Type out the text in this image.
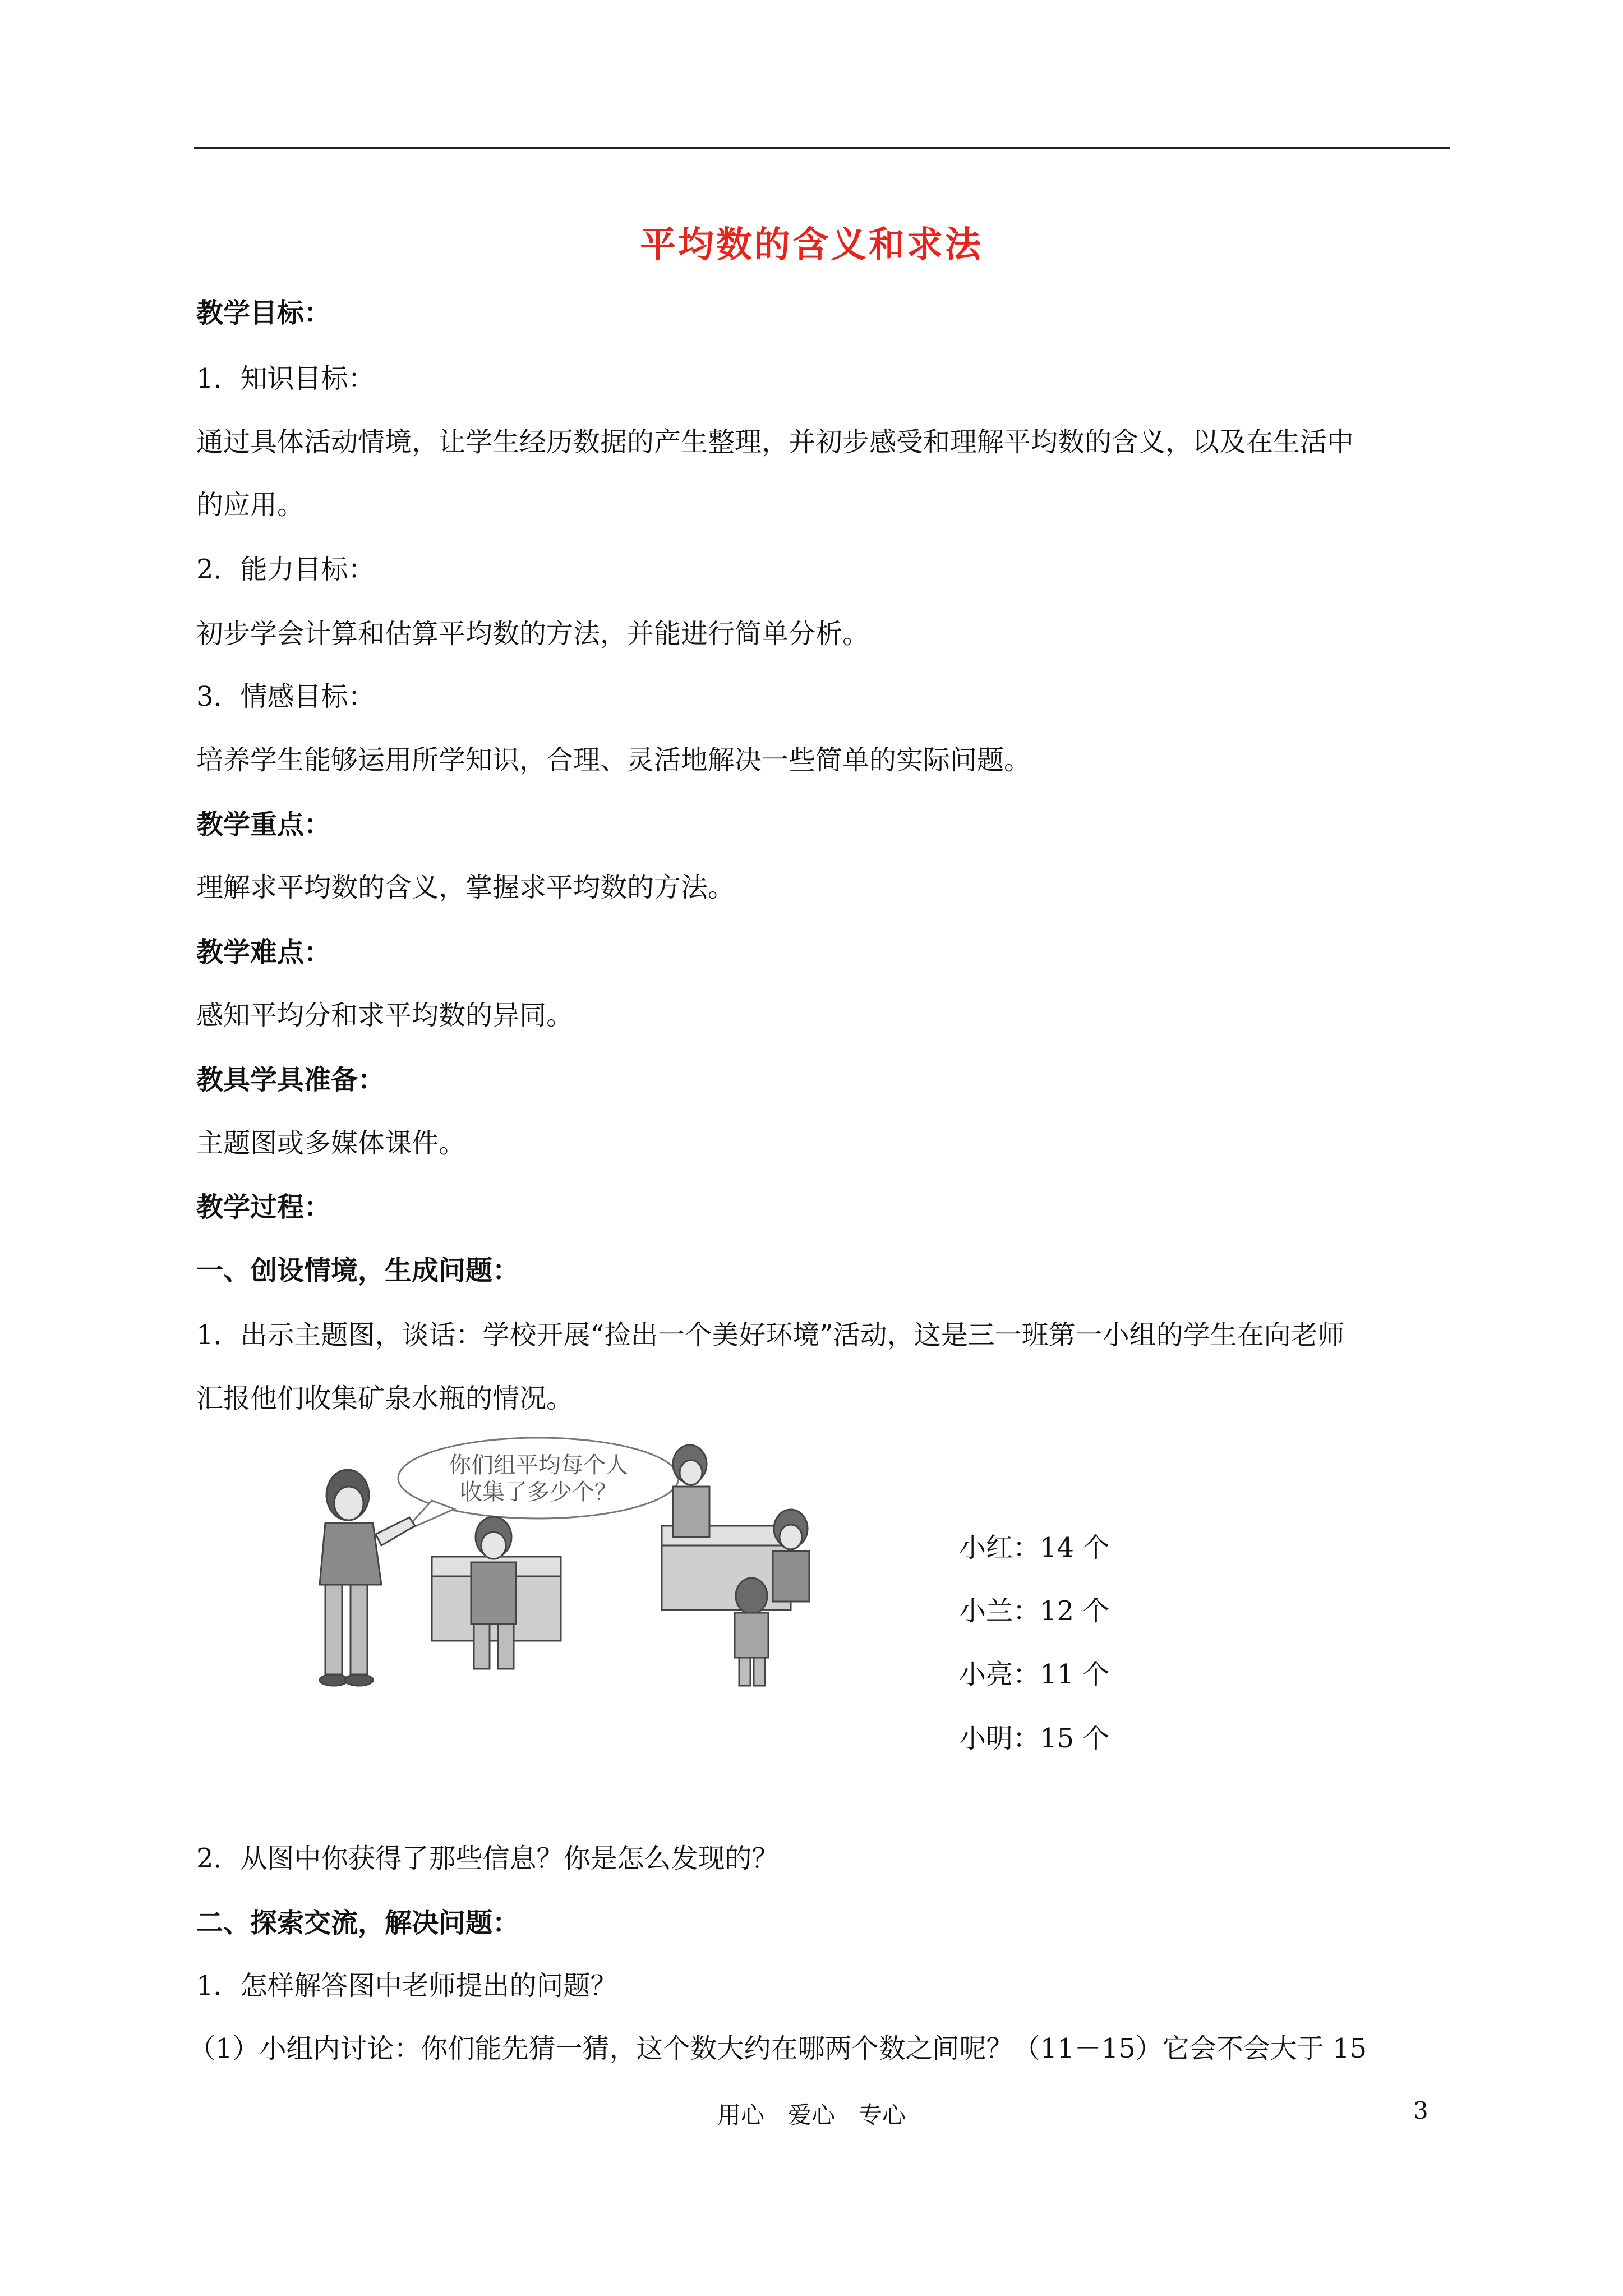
平均数的含义和求法
教学目标：
1．知识目标：
通过具体活动情境，让学生经历数据的产生整理，并初步感受和理解平均数的含义，以及在生活中
的应用。
2．能力目标：
初步学会计算和估算平均数的方法，并能进行简单分析。
3．情感目标：
培养学生能够运用所学知识，合理、灵活地解决一些简单的实际问题。
教学重点：
理解求平均数的含义，掌握求平均数的方法。
教学难点：
感知平均分和求平均数的异同。
教具学具准备：
主题图或多媒体课件。
教学过程：
一、创设情境，生成问题：
1．出示主题图，谈话：学校开展“捡出一个美好环境”活动，这是三一班第一小组的学生在向老师
汇报他们收集矿泉水瓶的情况。
你们组平均每个人
收集了多少个？
小红：14 个
小兰：12 个
小亮：11 个
小明：15 个
2．从图中你获得了那些信息？你是怎么发现的？
二、探索交流，解决问题：
1．怎样解答图中老师提出的问题？
（1）小组内讨论：你们能先猜一猜，这个数大约在哪两个数之间呢？（11－15）它会不会大于 15
用心　爱心　专心	3
